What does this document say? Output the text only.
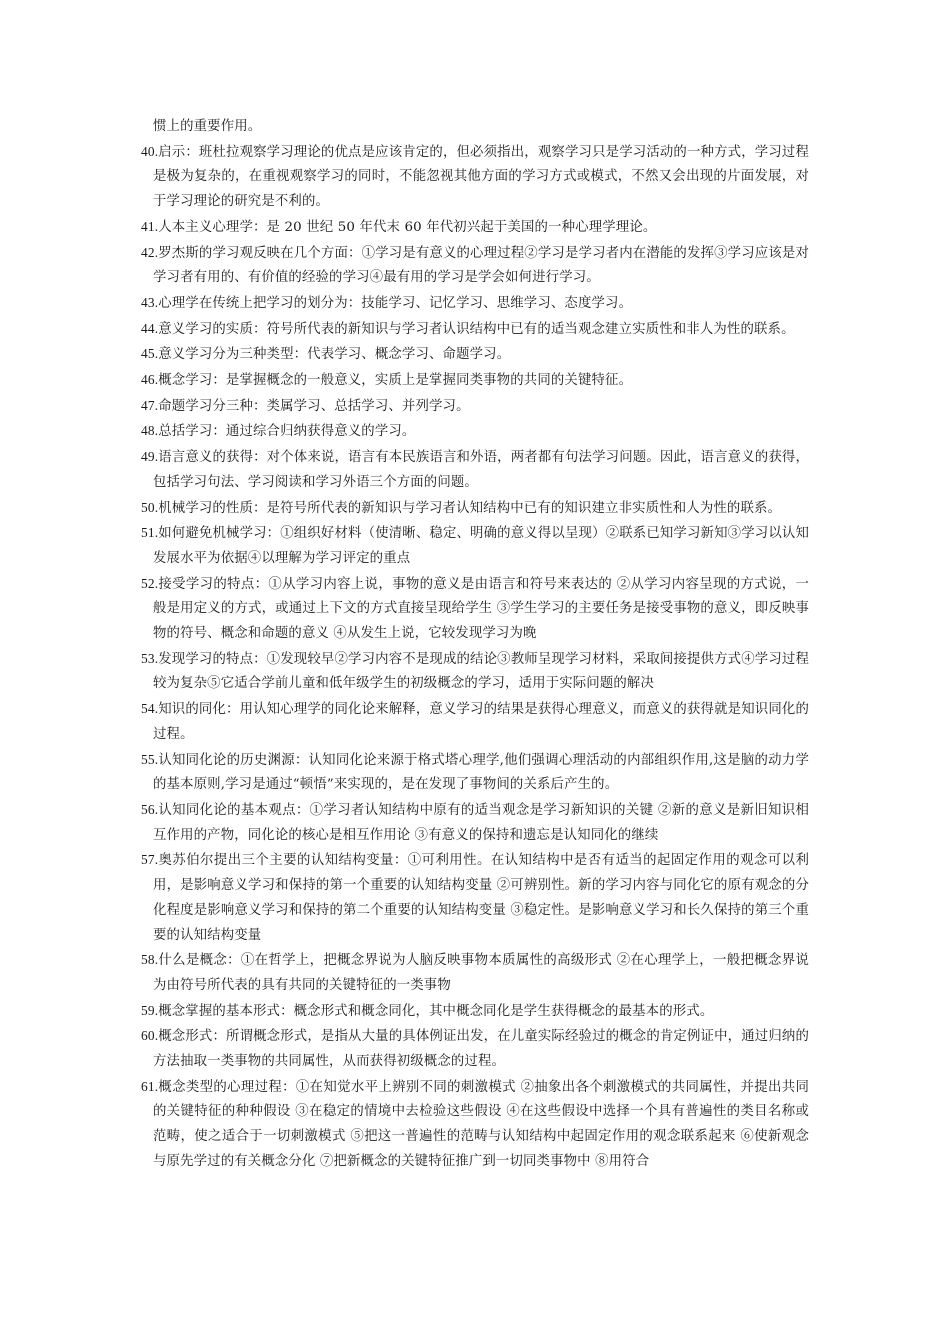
惯上的重要作用。
40.启示：班杜拉观察学习理论的优点是应该肯定的，但必须指出，观察学习只是学习活动的一种方式，学习过程是极为复杂的，在重视观察学习的同时，不能忽视其他方面的学习方式或模式，不然又会出现的片面发展，对于学习理论的研究是不利的。
41.人本主义心理学：是 20 世纪 50 年代末 60 年代初兴起于美国的一种心理学理论。
42.罗杰斯的学习观反映在几个方面：①学习是有意义的心理过程②学习是学习者内在潜能的发挥③学习应该是对学习者有用的、有价值的经验的学习④最有用的学习是学会如何进行学习。
43.心理学在传统上把学习的划分为：技能学习、记忆学习、思维学习、态度学习。
44.意义学习的实质：符号所代表的新知识与学习者认识结构中已有的适当观念建立实质性和非人为性的联系。
45.意义学习分为三种类型：代表学习、概念学习、命题学习。
46.概念学习：是掌握概念的一般意义，实质上是掌握同类事物的共同的关键特征。
47.命题学习分三种：类属学习、总括学习、并列学习。
48.总括学习：通过综合归纳获得意义的学习。
49.语言意义的获得：对个体来说，语言有本民族语言和外语，两者都有句法学习问题。因此，语言意义的获得，包括学习句法、学习阅读和学习外语三个方面的问题。
50.机械学习的性质：是符号所代表的新知识与学习者认知结构中已有的知识建立非实质性和人为性的联系。
51.如何避免机械学习：①组织好材料（使清晰、稳定、明确的意义得以呈现）②联系已知学习新知③学习以认知发展水平为依据④以理解为学习评定的重点
52.接受学习的特点：①从学习内容上说，事物的意义是由语言和符号来表达的 ②从学习内容呈现的方式说，一般是用定义的方式，或通过上下文的方式直接呈现给学生 ③学生学习的主要任务是接受事物的意义，即反映事物的符号、概念和命题的意义 ④从发生上说，它较发现学习为晚
53.发现学习的特点：①发现较早②学习内容不是现成的结论③教师呈现学习材料，采取间接提供方式④学习过程较为复杂⑤它适合学前儿童和低年级学生的初级概念的学习，适用于实际问题的解决
54.知识的同化：用认知心理学的同化论来解释，意义学习的结果是获得心理意义，而意义的获得就是知识同化的过程。
55.认知同化论的历史渊源：认知同化论来源于格式塔心理学,他们强调心理活动的内部组织作用,这是脑的动力学的基本原则,学习是通过“顿悟”来实现的，是在发现了事物间的关系后产生的。
56.认知同化论的基本观点：①学习者认知结构中原有的适当观念是学习新知识的关键 ②新的意义是新旧知识相互作用的产物，同化论的核心是相互作用论 ③有意义的保持和遗忘是认知同化的继续
57.奥苏伯尔提出三个主要的认知结构变量：①可利用性。在认知结构中是否有适当的起固定作用的观念可以利用，是影响意义学习和保持的第一个重要的认知结构变量 ②可辨别性。新的学习内容与同化它的原有观念的分化程度是影响意义学习和保持的第二个重要的认知结构变量 ③稳定性。是影响意义学习和长久保持的第三个重要的认知结构变量
58.什么是概念：①在哲学上，把概念界说为人脑反映事物本质属性的高级形式 ②在心理学上，一般把概念界说为由符号所代表的具有共同的关键特征的一类事物
59.概念掌握的基本形式：概念形式和概念同化，其中概念同化是学生获得概念的最基本的形式。
60.概念形式：所谓概念形式，是指从大量的具体例证出发，在儿童实际经验过的概念的肯定例证中，通过归纳的方法抽取一类事物的共同属性，从而获得初级概念的过程。
61.概念类型的心理过程：①在知觉水平上辨别不同的刺激模式 ②抽象出各个刺激模式的共同属性，并提出共同的关键特征的种种假设 ③在稳定的情境中去检验这些假设 ④在这些假设中选择一个具有普遍性的类目名称或范畴，使之适合于一切刺激模式 ⑤把这一普遍性的范畴与认知结构中起固定作用的观念联系起来 ⑥使新观念与原先学过的有关概念分化 ⑦把新概念的关键特征推广到一切同类事物中 ⑧用符合
